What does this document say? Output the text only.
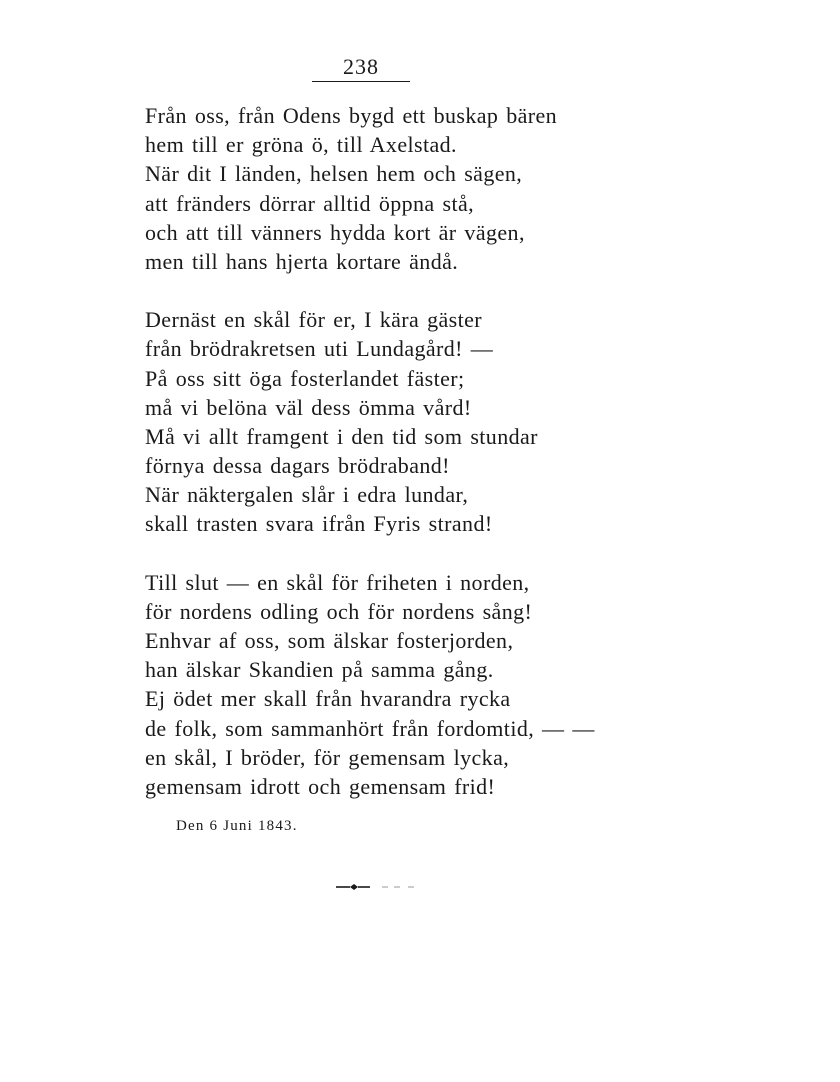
238
Från oss, från Odens bygd ett buskap bären
hem till er gröna ö, till Axelstad.
När dit I länden, helsen hem och sägen,
att fränders dörrar alltid öppna stå,
och att till vänners hydda kort är vägen,
men till hans hjerta kortare ändå.
Dernäst en skål för er, I kära gäster
från brödrakretsen uti Lundagård! —
På oss sitt öga fosterlandet fäster;
må vi belöna väl dess ömma vård!
Må vi allt framgent i den tid som stundar
förnya dessa dagars brödraband!
När näktergalen slår i edra lundar,
skall trasten svara ifrån Fyris strand!
Till slut — en skål för friheten i norden,
för nordens odling och för nordens sång!
Enhvar af oss, som älskar fosterjorden,
han älskar Skandien på samma gång.
Ej ödet mer skall från hvarandra rycka
de folk, som sammanhört från fordomtid, — —
en skål, I bröder, för gemensam lycka,
gemensam idrott och gemensam frid!
Den 6 Juni 1843.
